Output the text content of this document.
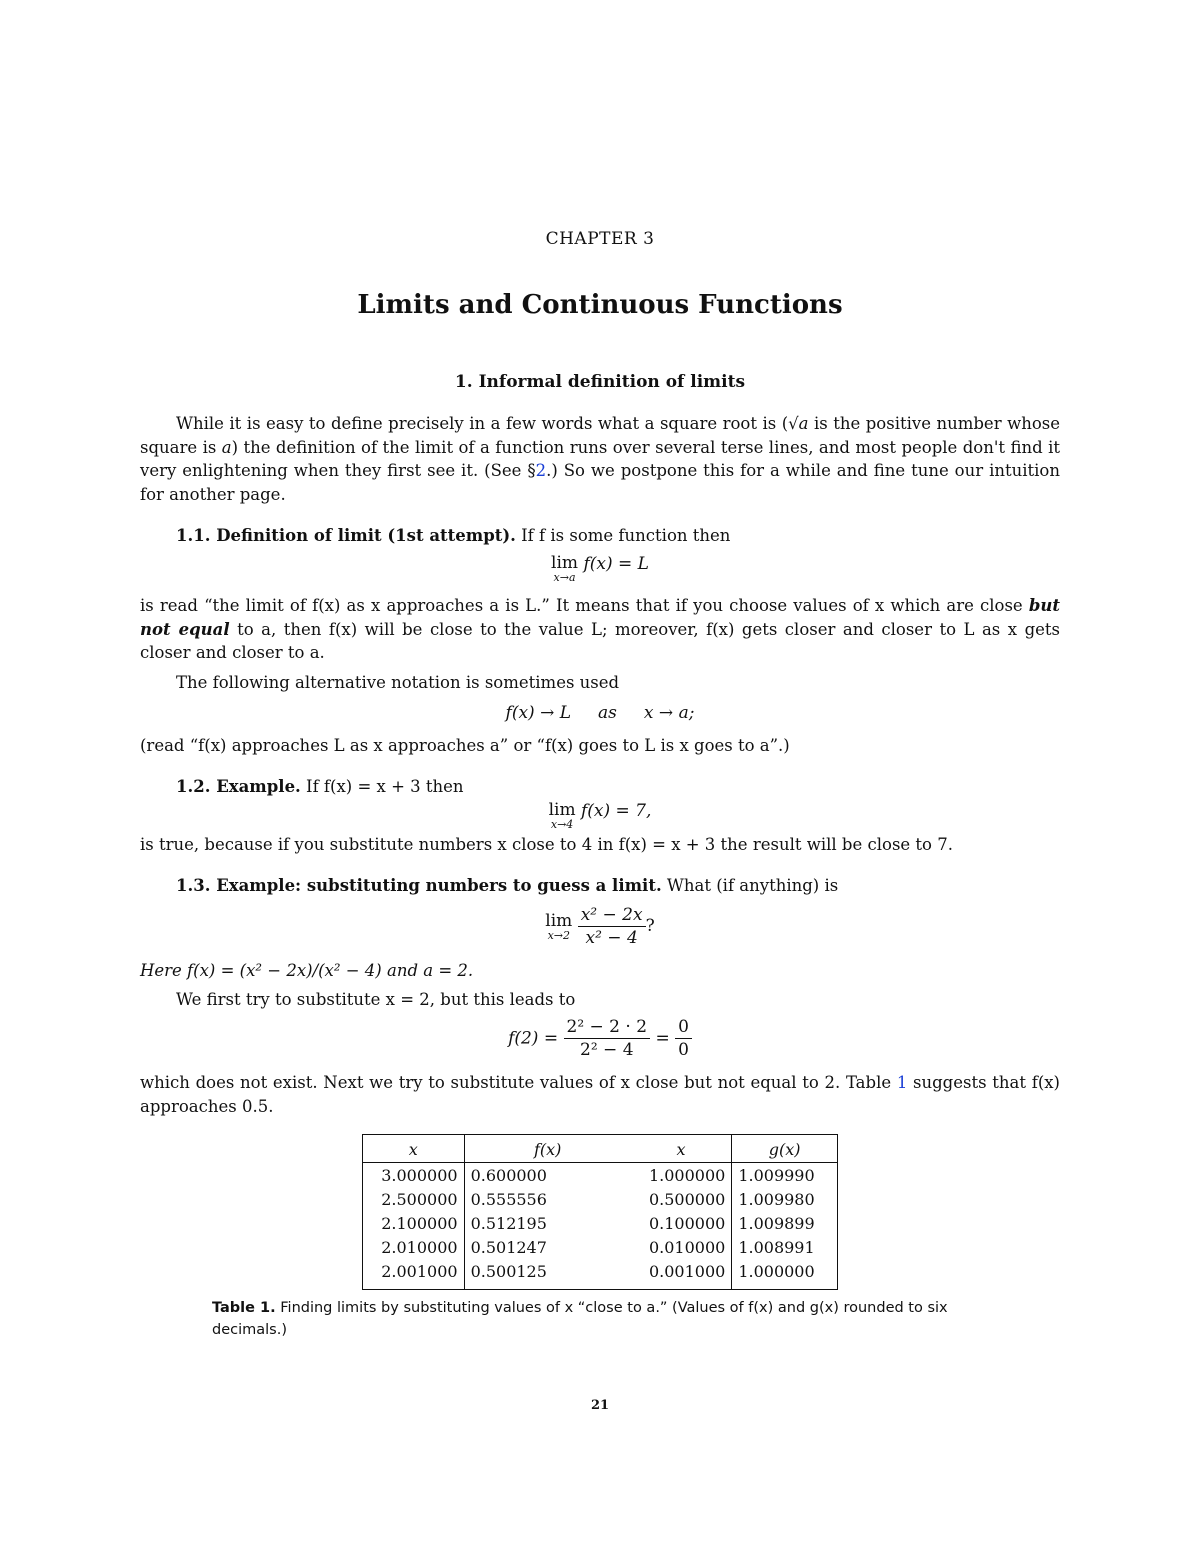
CHAPTER 3
Limits and Continuous Functions
1. Informal definition of limits
While it is easy to define precisely in a few words what a square root is (√a is the positive number whose square is a) the definition of the limit of a function runs over several terse lines, and most people don't find it very enlightening when they first see it. (See §2.) So we postpone this for a while and fine tune our intuition for another page.
1.1. Definition of limit (1st attempt). If f is some function then
lim
x→a
f(x) = L
is read “the limit of f(x) as x approaches a is L.” It means that if you choose values of x which are close but not equal to a, then f(x) will be close to the value L; moreover, f(x) gets closer and closer to L as x gets closer and closer to a.
The following alternative notation is sometimes used
f(x) → L     as     x → a;
(read “f(x) approaches L as x approaches a” or “f(x) goes to L is x goes to a”.)
1.2. Example. If f(x) = x + 3 then
lim
x→4
f(x) = 7,
is true, because if you substitute numbers x close to 4 in f(x) = x + 3 the result will be close to 7.
1.3. Example: substituting numbers to guess a limit. What (if anything) is
lim
x→2
$\frac{\text{x² − 2x}}{\text{x² − 4}}$ ?
Here f(x) = (x² − 2x)/(x² − 4) and a = 2.
We first try to substitute x = 2, but this leads to
$f(2) = \frac{\text{2² − 2 · 2}}{\text{2² − 4}} = \frac{0}{0}$
which does not exist. Next we try to substitute values of x close but not equal to 2. Table 1 suggests that f(x) approaches 0.5.
x	f(x)	x	g(x)
3.000000	0.600000	1.000000	1.009990
2.500000	0.555556	0.500000	1.009980
2.100000	0.512195	0.100000	1.009899
2.010000	0.501247	0.010000	1.008991
2.001000	0.500125	0.001000	1.000000
Table 1. Finding limits by substituting values of x “close to a.” (Values of f(x) and g(x) rounded to six decimals.)
21
